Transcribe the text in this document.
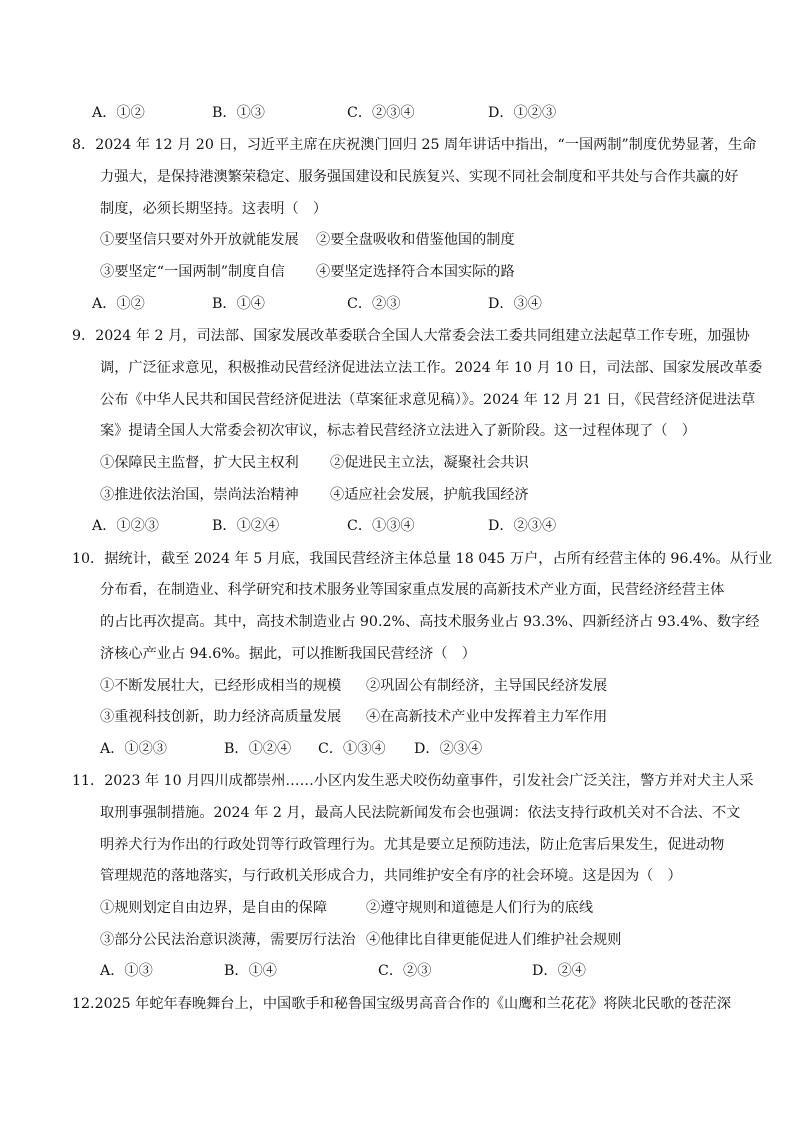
A．①②	B．①③	C．②③④	D．①②③
8．2024 年 12 月 20 日，习近平主席在庆祝澳门回归 25 周年讲话中指出，“一国两制”制度优势显著，生命
力强大，是保持港澳繁荣稳定、服务强国建设和民族复兴、实现不同社会制度和平共处与合作共赢的好
制度，必须长期坚持。这表明（　）
①要坚信只要对外开放就能发展 ②要全盘吸收和借鉴他国的制度
③要坚定“一国两制”制度自信 ④要坚定选择符合本国实际的路
A．①②	B．①④	C．②③	D．③④
9．2024 年 2 月，司法部、国家发展改革委联合全国人大常委会法工委共同组建立法起草工作专班，加强协
调，广泛征求意见，积极推动民营经济促进法立法工作。2024 年 10 月 10 日，司法部、国家发展改革委
公布《中华人民共和国民营经济促进法（草案征求意见稿）》。2024 年 12 月 21 日，《民营经济促进法草
案》提请全国人大常委会初次审议，标志着民营经济立法进入了新阶段。这一过程体现了（　）
①保障民主监督，扩大民主权利 ②促进民主立法，凝聚社会共识
③推进依法治国，崇尚法治精神 ④适应社会发展，护航我国经济
A．①②③	B．①②④	C．①③④	D．②③④
10．据统计，截至 2024 年 5 月底，我国民营经济主体总量 18 045 万户，占所有经营主体的 96.4%。从行业
分布看，在制造业、科学研究和技术服务业等国家重点发展的高新技术产业方面，民营经济经营主体
的占比再次提高。其中，高技术制造业占 90.2%、高技术服务业占 93.3%、四新经济占 93.4%、数字经
济核心产业占 94.6%。据此，可以推断我国民营经济（　）
①不断发展壮大，已经形成相当的规模 ②巩固公有制经济，主导国民经济发展
③重视科技创新，助力经济高质量发展 ④在高新技术产业中发挥着主力军作用
A．①②③	B．①②④ C．①③④ D．②③④
11．2023 年 10 月四川成都崇州……小区内发生恶犬咬伤幼童事件，引发社会广泛关注，警方并对犬主人采
取刑事强制措施。2024 年 2 月，最高人民法院新闻发布会也强调：依法支持行政机关对不合法、不文
明养犬行为作出的行政处罚等行政管理行为。尤其是要立足预防违法，防止危害后果发生，促进动物
管理规范的落地落实，与行政机关形成合力，共同维护安全有序的社会环境。这是因为（　）
①规则划定自由边界，是自由的保障	②遵守规则和道德是人们行为的底线
③部分公民法治意识淡薄，需要厉行法治 ④他律比自律更能促进人们维护社会规则
A．①③	B．①④	C．②③	D．②④
12.2025 年蛇年春晚舞台上，中国歌手和秘鲁国宝级男高音合作的《山鹰和兰花花》将陕北民歌的苍茫深
